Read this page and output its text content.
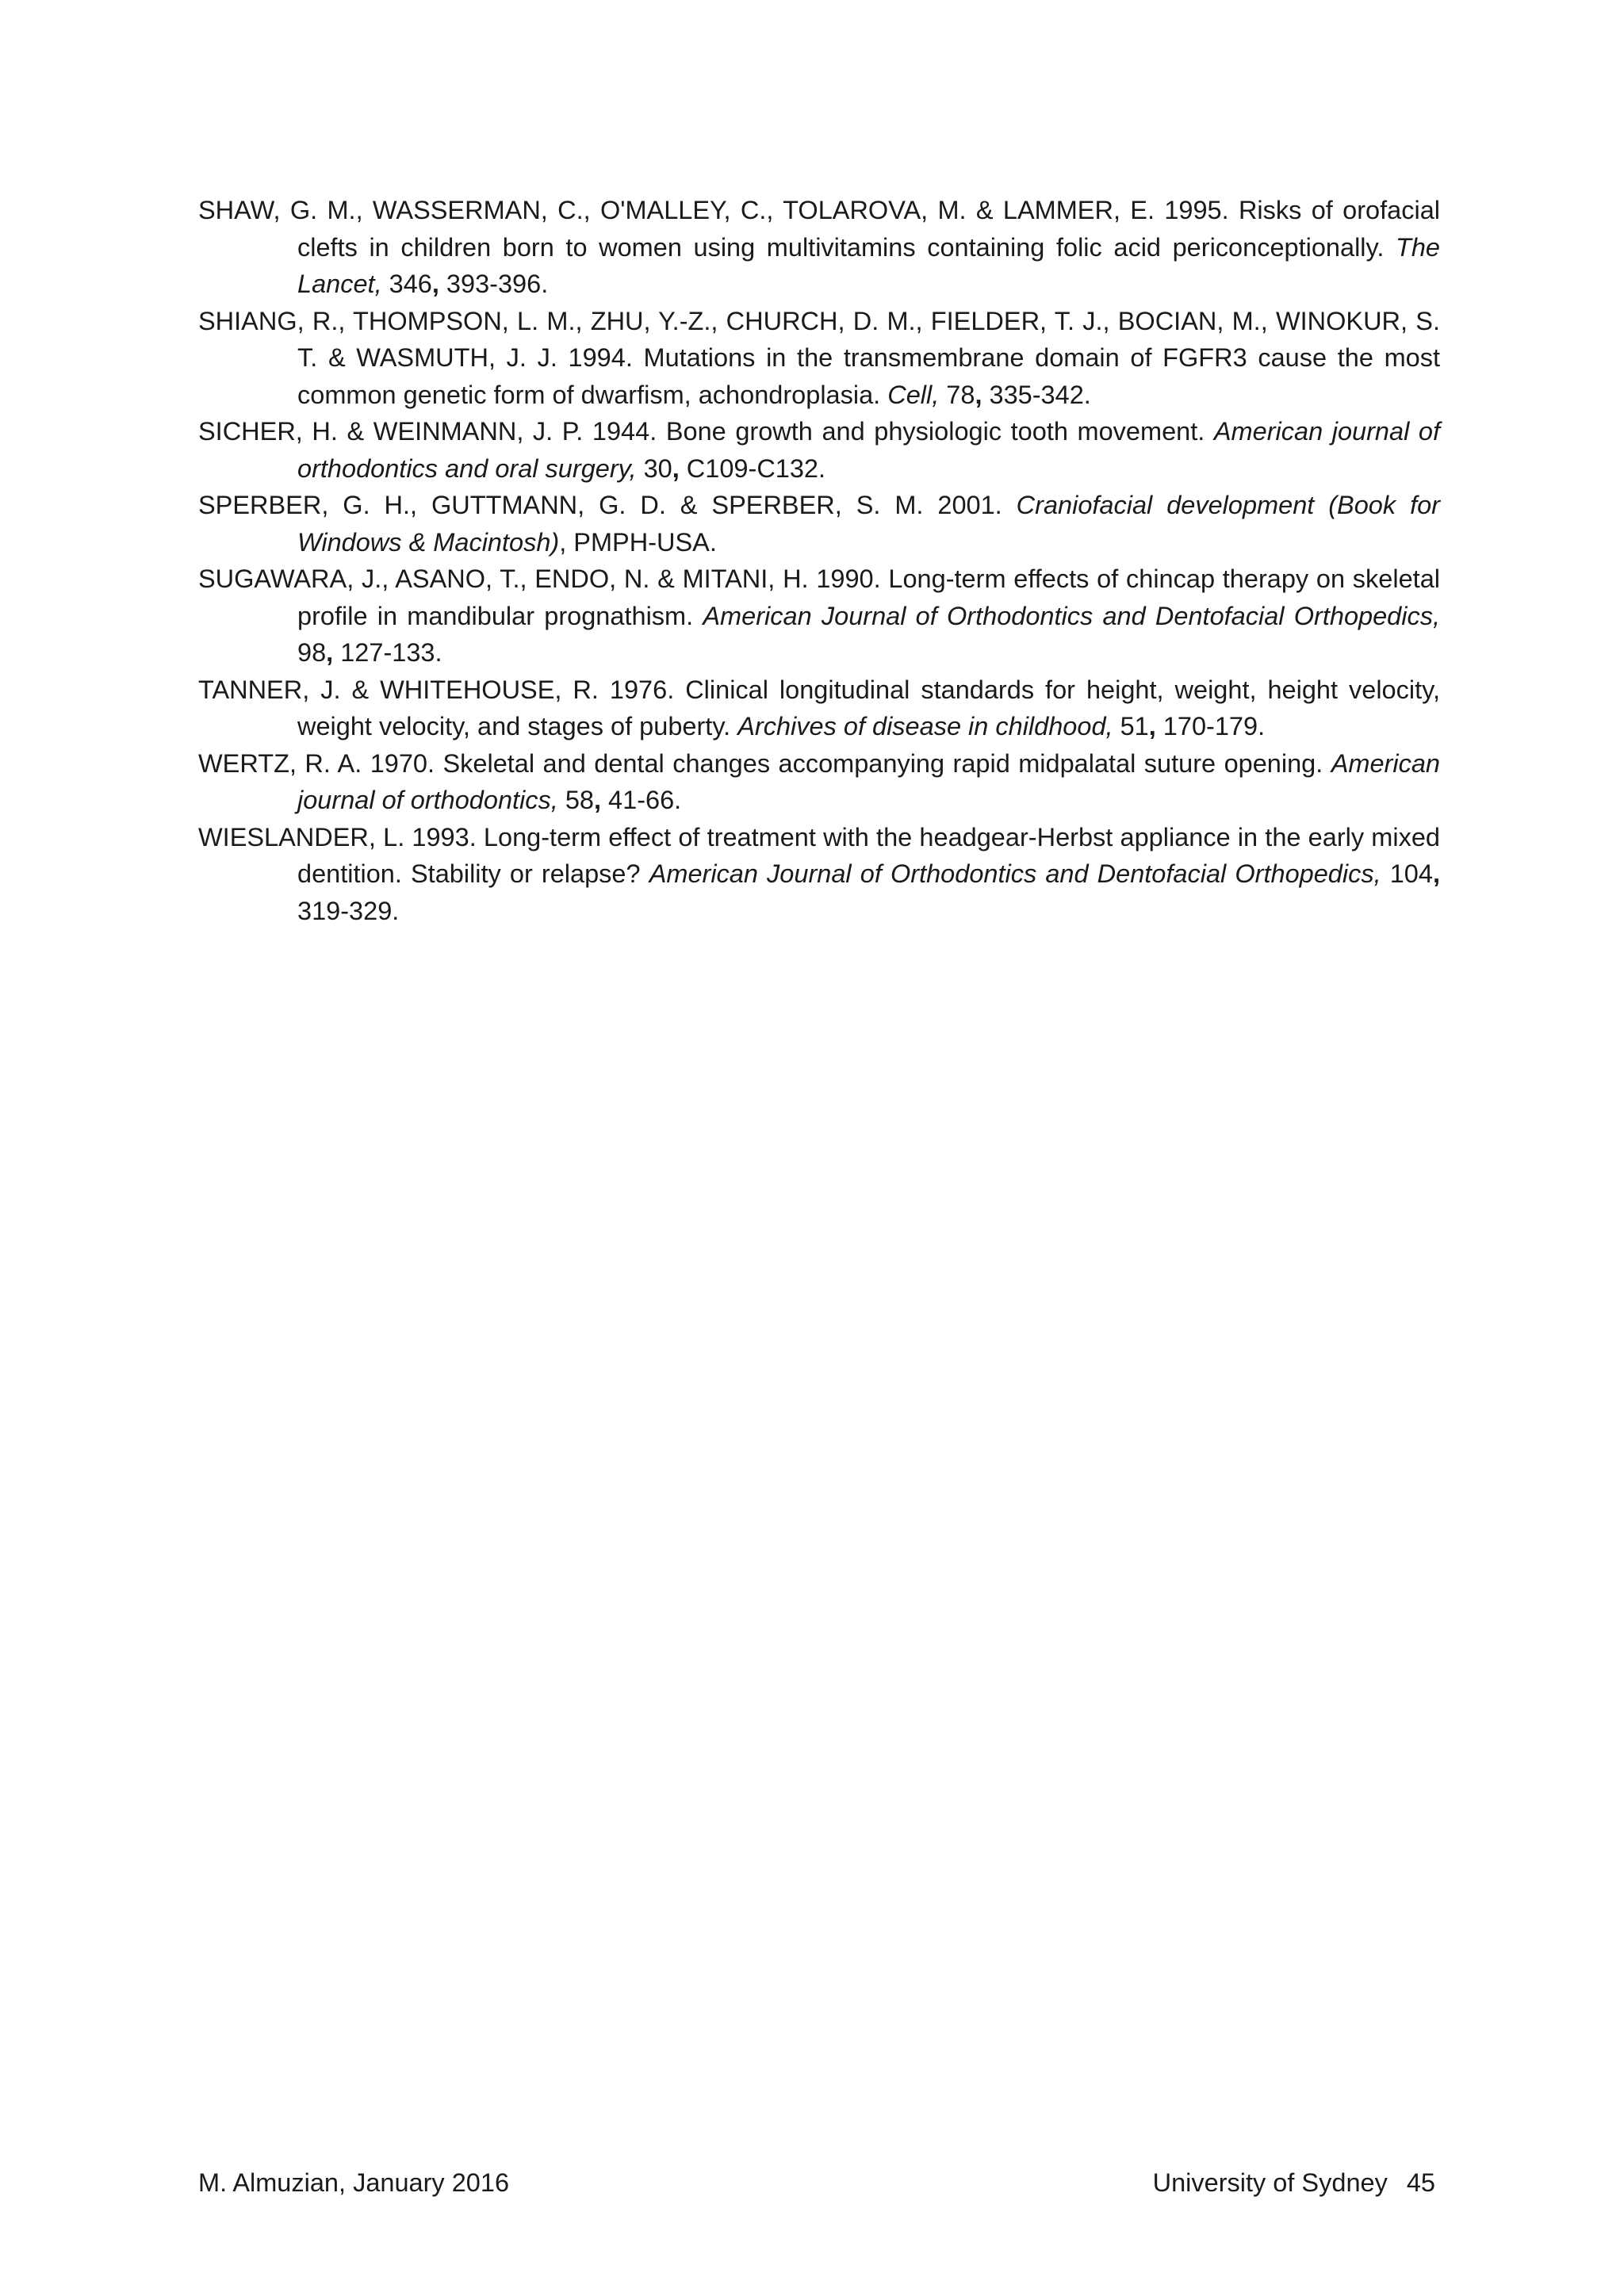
SHAW, G. M., WASSERMAN, C., O'MALLEY, C., TOLAROVA, M. & LAMMER, E. 1995. Risks of orofacial clefts in children born to women using multivitamins containing folic acid periconceptionally. The Lancet, 346, 393-396.

SHIANG, R., THOMPSON, L. M., ZHU, Y.-Z., CHURCH, D. M., FIELDER, T. J., BOCIAN, M., WINOKUR, S. T. & WASMUTH, J. J. 1994. Mutations in the transmembrane domain of FGFR3 cause the most common genetic form of dwarfism, achondroplasia. Cell, 78, 335-342.

SICHER, H. & WEINMANN, J. P. 1944. Bone growth and physiologic tooth movement. American journal of orthodontics and oral surgery, 30, C109-C132.

SPERBER, G. H., GUTTMANN, G. D. & SPERBER, S. M. 2001. Craniofacial development (Book for Windows & Macintosh), PMPH-USA.

SUGAWARA, J., ASANO, T., ENDO, N. & MITANI, H. 1990. Long-term effects of chincap therapy on skeletal profile in mandibular prognathism. American Journal of Orthodontics and Dentofacial Orthopedics, 98, 127-133.

TANNER, J. & WHITEHOUSE, R. 1976. Clinical longitudinal standards for height, weight, height velocity, weight velocity, and stages of puberty. Archives of disease in childhood, 51, 170-179.

WERTZ, R. A. 1970. Skeletal and dental changes accompanying rapid midpalatal suture opening. American journal of orthodontics, 58, 41-66.

WIESLANDER, L. 1993. Long-term effect of treatment with the headgear-Herbst appliance in the early mixed dentition. Stability or relapse? American Journal of Orthodontics and Dentofacial Orthopedics, 104, 319-329.

M. Almuzian, January 2016	University of Sydney 45
